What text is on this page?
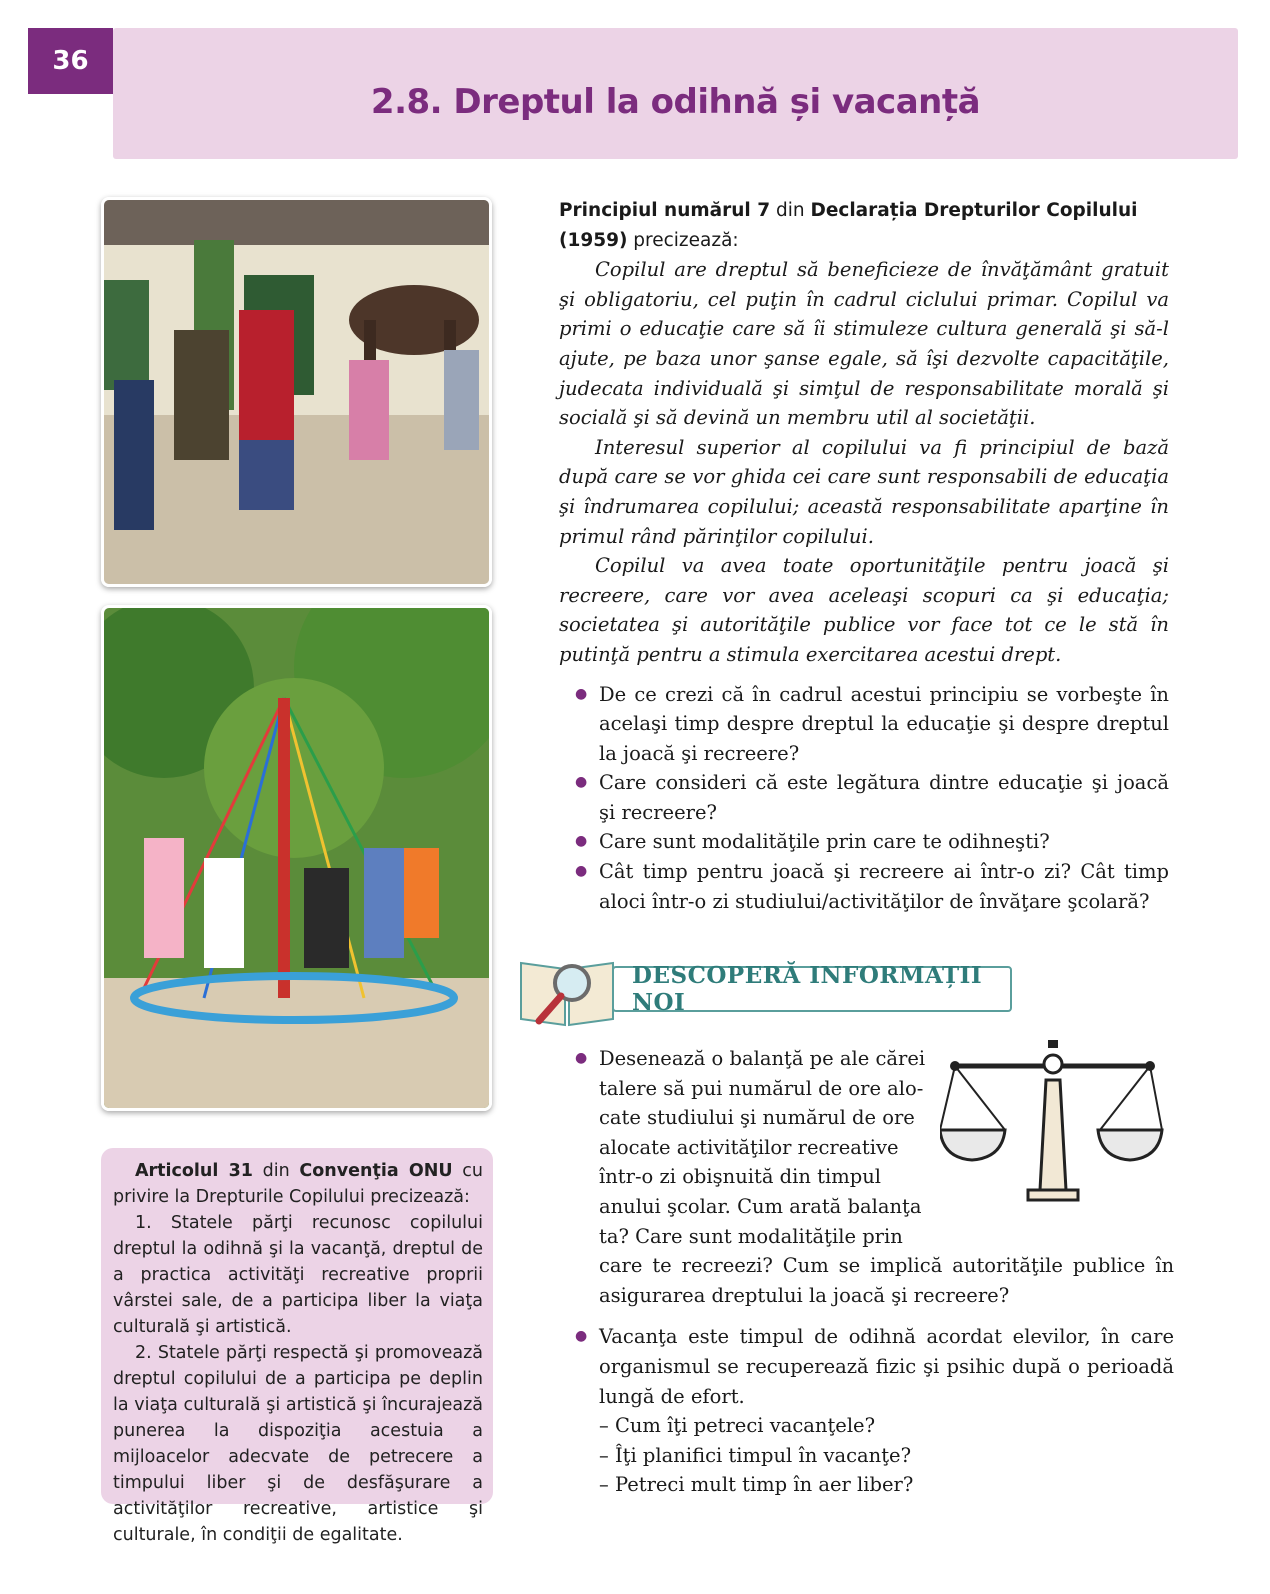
36
2.8. Dreptul la odihnă și vacanță

Articolul 31 din Convenţia ONU cu privire la Drepturile Copilului precizează:

1. Statele părţi recunosc copilului dreptul la odihnă şi la vacanţă, dreptul de a practica activităţi recreative proprii vârstei sale, de a participa liber la viaţa culturală şi artistică.

2. Statele părţi respectă şi promovează dreptul copilului de a participa pe deplin la viaţa culturală şi artistică şi încurajează punerea la dispoziţia acestuia a mijloacelor adecvate de petrecere a timpului liber şi de desfăşurare a activităţilor recreative, artistice şi culturale, în condiţii de egalitate.

Principiul numărul 7 din Declarația Drepturilor Copilului (1959) precizează:

Copilul are dreptul să beneficieze de învăţământ gratuit şi obligatoriu, cel puţin în cadrul ciclului primar. Copilul va primi o educaţie care să îi stimuleze cultura generală şi să-l ajute, pe baza unor şanse egale, să îşi dezvolte capacităţile, judecata individuală şi simţul de responsabilitate morală şi socială şi să devină un membru util al societăţii.

Interesul superior al copilului va fi principiul de bază după care se vor ghida cei care sunt responsabili de educaţia şi îndrumarea copilului; această responsabilitate aparţine în primul rând părinţilor copilului.

Copilul va avea toate oportunităţile pentru joacă şi recreere, care vor avea aceleaşi scopuri ca şi educaţia; societatea şi autorităţile publice vor face tot ce le stă în putinţă pentru a stimula exercitarea acestui drept.

● De ce crezi că în cadrul acestui principiu se vorbeşte în acelaşi timp despre dreptul la educaţie şi despre dreptul la joacă şi recreere?
● Care consideri că este legătura dintre educaţie şi joacă şi recreere?
● Care sunt modalităţile prin care te odihneşti?
● Cât timp pentru joacă şi recreere ai într-o zi? Cât timp aloci într-o zi studiului/activităţilor de învăţare şcolară?
DESCOPERĂ INFORMAȚII NOI
● Desenează o balanţă pe ale cărei
talere să pui numărul de ore alo-
cate studiului şi numărul de ore
alocate activităţilor recreative
într-o zi obişnuită din timpul
anului şcolar. Cum arată balanţa
ta? Care sunt modalităţile prin
care te recreezi? Cum se implică autorităţile publice în asigurarea dreptului la joacă şi recreere?
● Vacanţa este timpul de odihnă acordat elevilor, în care organismul se recuperează fizic şi psihic după o perioadă lungă de efort.
– Cum îţi petreci vacanţele?
– Îţi planifici timpul în vacanţe?
– Petreci mult timp în aer liber?
